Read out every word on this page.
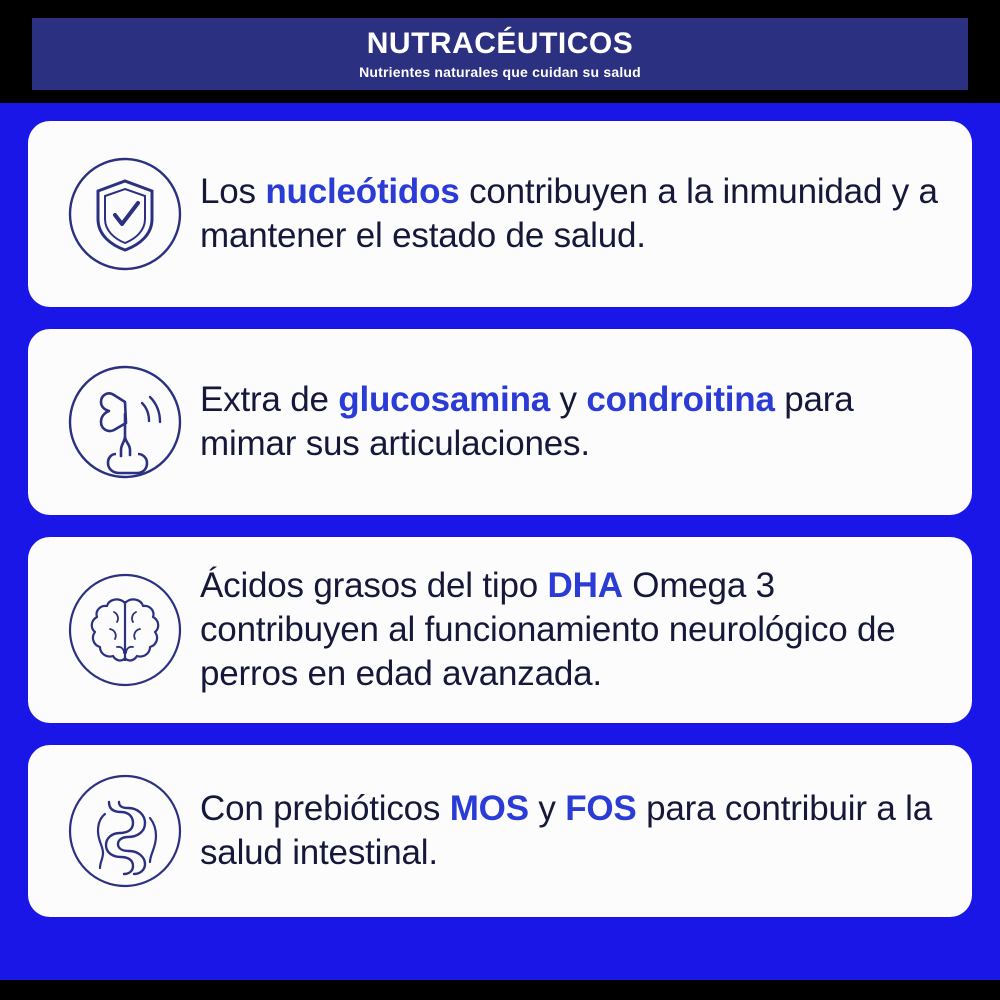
NUTRACÉUTICOS
Nutrientes naturales que cuidan su salud
Los nucleótidos contribuyen a la inmunidad y a mantener el estado de salud.
Extra de glucosamina y condroitina para mimar sus articulaciones.
Ácidos grasos del tipo DHA Omega 3 contribuyen al funcionamiento neurológico de perros en edad avanzada.
Con prebióticos MOS y FOS para contribuir a la salud intestinal.
